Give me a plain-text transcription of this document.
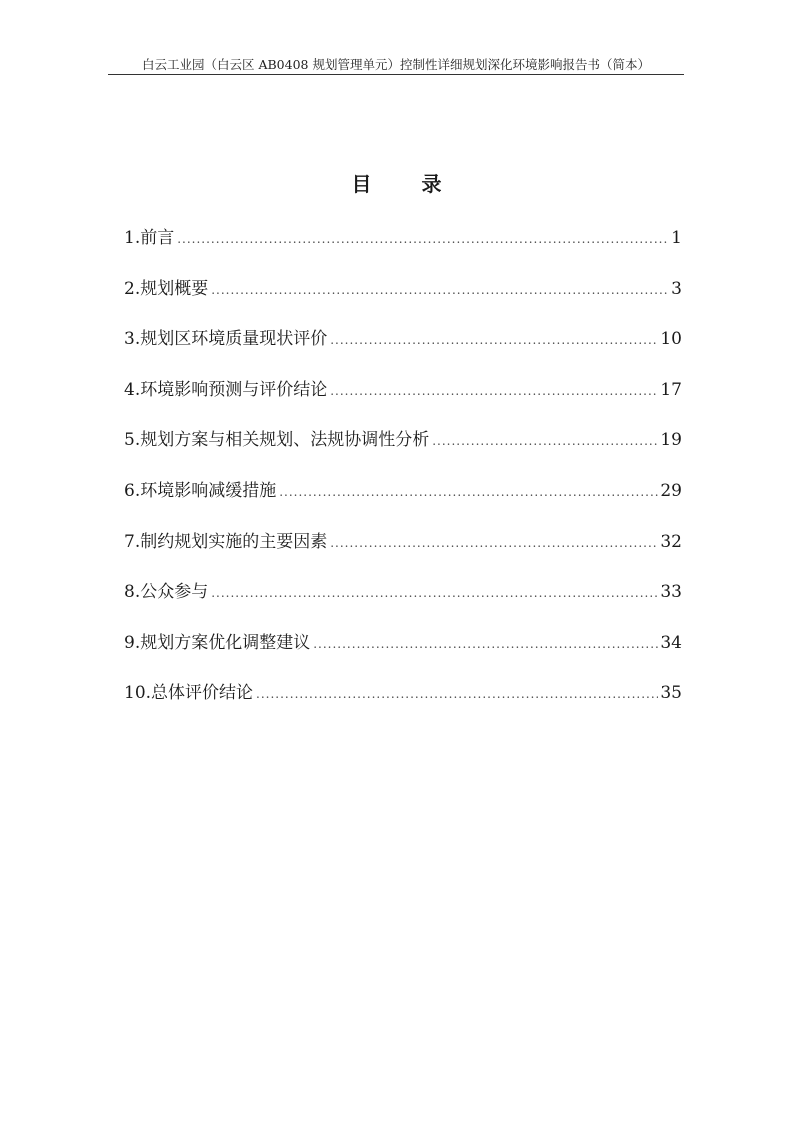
白云工业园（白云区 AB0408 规划管理单元）控制性详细规划深化环境影响报告书（简本）
目	录
1.前言 .....	1
2.规划概要 .....	3
3.规划区环境质量现状评价 .....	10
4.环境影响预测与评价结论 .....	17
5.规划方案与相关规划、法规协调性分析 .....	19
6.环境影响减缓措施 .....	29
7.制约规划实施的主要因素 .....	32
8.公众参与 .....	33
9.规划方案优化调整建议 .....	34
10.总体评价结论 .....	35
